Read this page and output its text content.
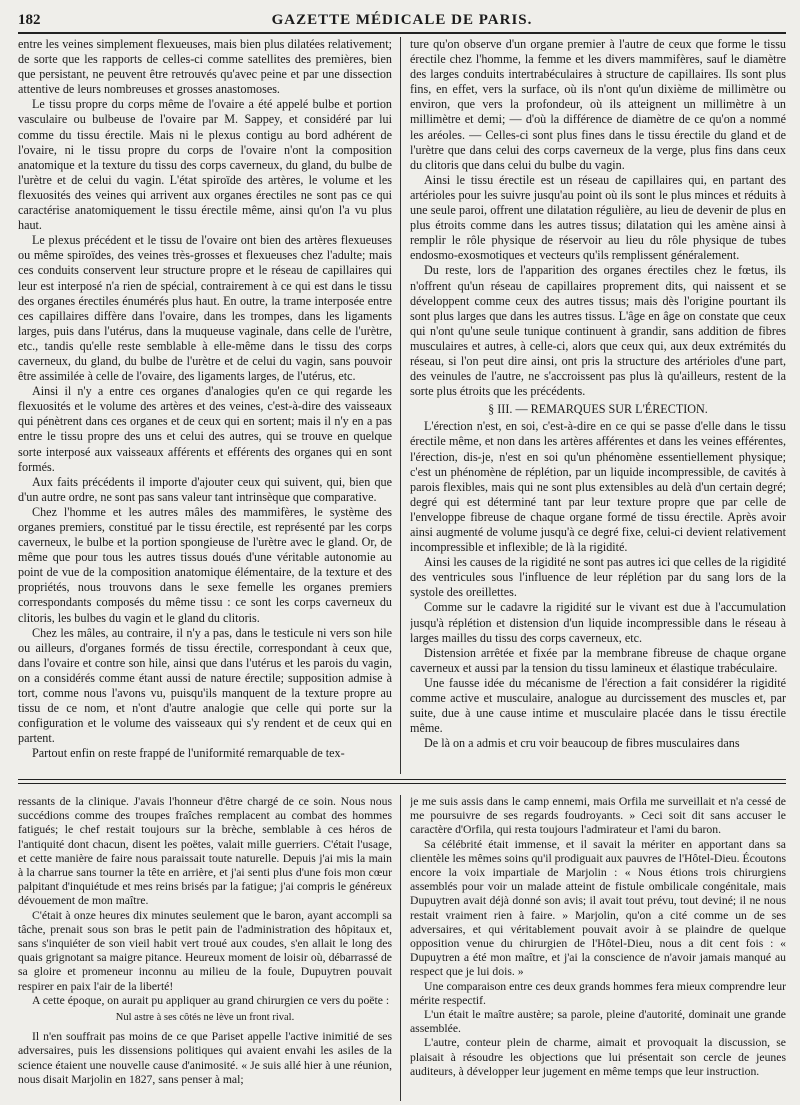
182	GAZETTE MÉDICALE DE PARIS.

entre les veines simplement flexueuses, mais bien plus dilatées relativement; de sorte que les rapports de celles-ci comme satellites des premières, bien que persistant, ne peuvent être retrouvés qu'avec peine et par une dissection attentive de leurs nombreuses et grosses anastomoses.

Le tissu propre du corps même de l'ovaire a été appelé bulbe et portion vasculaire ou bulbeuse de l'ovaire par M. Sappey, et considéré par lui comme du tissu érectile. Mais ni le plexus contigu au bord adhérent de l'ovaire, ni le tissu propre du corps de l'ovaire n'ont la composition anatomique et la texture du tissu des corps caverneux, du gland, du bulbe de l'urètre et de celui du vagin. L'état spiroïde des artères, le volume et les flexuosités des veines qui arrivent aux organes érectiles ne sont pas ce qui caractérise anatomiquement le tissu érectile même, ainsi qu'on l'a vu plus haut.

Le plexus précédent et le tissu de l'ovaire ont bien des artères flexueuses ou même spiroïdes, des veines très-grosses et flexueuses chez l'adulte; mais ces conduits conservent leur structure propre et le réseau de capillaires qui leur est interposé n'a rien de spécial, contrairement à ce qui est dans le tissu des organes érectiles énumérés plus haut. En outre, la trame interposée entre ces capillaires diffère dans l'ovaire, dans les trompes, dans les ligaments larges, puis dans l'utérus, dans la muqueuse vaginale, dans celle de l'urètre, etc., tandis qu'elle reste semblable à elle-même dans le tissu des corps caverneux, du gland, du bulbe de l'urètre et de celui du vagin, sans pouvoir être assimilée à celle de l'ovaire, des ligaments larges, de l'utérus, etc.

Ainsi il n'y a entre ces organes d'analogies qu'en ce qui regarde les flexuosités et le volume des artères et des veines, c'est-à-dire des vaisseaux qui pénètrent dans ces organes et de ceux qui en sortent; mais il n'y en a pas entre le tissu propre des uns et celui des autres, qui se trouve en quelque sorte interposé aux vaisseaux afférents et efférents des organes qui en sont formés.

Aux faits précédents il importe d'ajouter ceux qui suivent, qui, bien que d'un autre ordre, ne sont pas sans valeur tant intrinsèque que comparative.

Chez l'homme et les autres mâles des mammifères, le système des organes premiers, constitué par le tissu érectile, est représenté par les corps caverneux, le bulbe et la portion spongieuse de l'urètre avec le gland. Or, de même que pour tous les autres tissus doués d'une véritable autonomie au point de vue de la composition anatomique élémentaire, de la texture et des propriétés, nous trouvons dans le sexe femelle les organes premiers correspondants composés du même tissu : ce sont les corps caverneux du clitoris, les bulbes du vagin et le gland du clitoris.

Chez les mâles, au contraire, il n'y a pas, dans le testicule ni vers son hile ou ailleurs, d'organes formés de tissu érectile, correspondant à ceux que, dans l'ovaire et contre son hile, ainsi que dans l'utérus et les parois du vagin, on a considérés comme étant aussi de nature érectile; supposition admise à tort, comme nous l'avons vu, puisqu'ils manquent de la texture propre au tissu de ce nom, et n'ont d'autre analogie que celle qui porte sur la configuration et le volume des vaisseaux qui s'y rendent et de ceux qui en partent.

Partout enfin on reste frappé de l'uniformité remarquable de tex-

ture qu'on observe d'un organe premier à l'autre de ceux que forme le tissu érectile chez l'homme, la femme et les divers mammifères, sauf le diamètre des larges conduits intertrabéculaires à structure de capillaires. Ils sont plus fins, en effet, vers la surface, où ils n'ont qu'un dixième de millimètre ou environ, que vers la profondeur, où ils atteignent un millimètre à un millimètre et demi; — d'où la différence de diamètre de ce qu'on a nommé les aréoles. — Celles-ci sont plus fines dans le tissu érectile du gland et de l'urètre que dans celui des corps caverneux de la verge, plus fins dans ceux du clitoris que dans celui du bulbe du vagin.

Ainsi le tissu érectile est un réseau de capillaires qui, en partant des artérioles pour les suivre jusqu'au point où ils sont le plus minces et réduits à une seule paroi, offrent une dilatation régulière, au lieu de devenir de plus en plus étroits comme dans les autres tissus; dilatation qui les amène ainsi à remplir le rôle physique de réservoir au lieu du rôle physique de tubes endosmo-exosmotiques et vecteurs qu'ils remplissent généralement.

Du reste, lors de l'apparition des organes érectiles chez le fœtus, ils n'offrent qu'un réseau de capillaires proprement dits, qui naissent et se développent comme ceux des autres tissus; mais dès l'origine pourtant ils sont plus larges que dans les autres tissus. L'âge en âge on constate que ceux qui n'ont qu'une seule tunique continuent à grandir, sans addition de fibres musculaires et autres, à celle-ci, alors que ceux qui, aux deux extrémités du réseau, si l'on peut dire ainsi, ont pris la structure des artérioles d'une part, des veinules de l'autre, ne s'accroissent pas plus là qu'ailleurs, restent de la sorte plus étroits que les précédents.

§ III. — REMARQUES SUR L'ÉRECTION.

L'érection n'est, en soi, c'est-à-dire en ce qui se passe d'elle dans le tissu érectile même, et non dans les artères afférentes et dans les veines efférentes, l'érection, dis-je, n'est en soi qu'un phénomène essentiellement physique; c'est un phénomène de réplétion, par un liquide incompressible, de cavités à parois flexibles, mais qui ne sont plus extensibles au delà d'un certain degré; degré qui est déterminé tant par leur texture propre que par celle de l'enveloppe fibreuse de chaque organe formé de tissu érectile. Après avoir ainsi augmenté de volume jusqu'à ce degré fixe, celui-ci devient relativement incompressible et inflexible; de là la rigidité.

Ainsi les causes de la rigidité ne sont pas autres ici que celles de la rigidité des ventricules sous l'influence de leur réplétion par du sang lors de la systole des oreillettes.

Comme sur le cadavre la rigidité sur le vivant est due à l'accumulation jusqu'à réplétion et distension d'un liquide incompressible dans le réseau à larges mailles du tissu des corps caverneux, etc.

Distension arrêtée et fixée par la membrane fibreuse de chaque organe caverneux et aussi par la tension du tissu lamineux et élastique trabéculaire.

Une fausse idée du mécanisme de l'érection a fait considérer la rigidité comme active et musculaire, analogue au durcissement des muscles et, par suite, due à une cause intime et musculaire placée dans le tissu érectile même.

De là on a admis et cru voir beaucoup de fibres musculaires dans

ressants de la clinique. J'avais l'honneur d'être chargé de ce soin. Nous nous succédions comme des troupes fraîches remplacent au combat des hommes fatigués; le chef restait toujours sur la brèche, semblable à ces héros de l'antiquité dont chacun, disent les poëtes, valait mille guerriers. C'était l'usage, et cette manière de faire nous paraissait toute naturelle. Depuis j'ai mis la main à la charrue sans tourner la tête en arrière, et j'ai senti plus d'une fois mon cœur palpitant d'inquiétude et mes reins brisés par la fatigue; j'ai compris le généreux dévouement de mon maître.

C'était à onze heures dix minutes seulement que le baron, ayant accompli sa tâche, prenait sous son bras le petit pain de l'administration des hôpitaux et, sans s'inquiéter de son vieil habit vert troué aux coudes, s'en allait le long des quais grignotant sa maigre pitance. Heureux moment de loisir où, débarrassé de sa gloire et promeneur inconnu au milieu de la foule, Dupuytren pouvait respirer en paix l'air de la liberté!

A cette époque, on aurait pu appliquer au grand chirurgien ce vers du poëte :

Nul astre à ses côtés ne lève un front rival.

Il n'en souffrait pas moins de ce que Pariset appelle l'active inimitié de ses adversaires, puis les dissensions politiques qui avaient envahi les asiles de la science étaient une nouvelle cause d'animosité. « Je suis allé hier à une réunion, nous disait Marjolin en 1827, sans penser à mal;

je me suis assis dans le camp ennemi, mais Orfila me surveillait et n'a cessé de me poursuivre de ses regards foudroyants. » Ceci soit dit sans accuser le caractère d'Orfila, qui resta toujours l'admirateur et l'ami du baron.

Sa célébrité était immense, et il savait la mériter en apportant dans sa clientèle les mêmes soins qu'il prodiguait aux pauvres de l'Hôtel-Dieu. Écoutons encore la voix impartiale de Marjolin : « Nous étions trois chirurgiens assemblés pour voir un malade atteint de fistule ombilicale congénitale, mais Dupuytren avait déjà donné son avis; il avait tout prévu, tout deviné; il ne nous restait vraiment rien à faire. » Marjolin, qu'on a cité comme un de ses adversaires, et qui véritablement pouvait avoir à se plaindre de quelque opposition venue du chirurgien de l'Hôtel-Dieu, nous a dit cent fois : « Dupuytren a été mon maître, et j'ai la conscience de n'avoir jamais manqué au respect que je lui dois. »

Une comparaison entre ces deux grands hommes fera mieux comprendre leur mérite respectif.

L'un était le maître austère; sa parole, pleine d'autorité, dominait une grande assemblée.

L'autre, conteur plein de charme, aimait et provoquait la discussion, se plaisait à résoudre les objections que lui présentait son cercle de jeunes auditeurs, à développer leur jugement en même temps que leur instruction.
